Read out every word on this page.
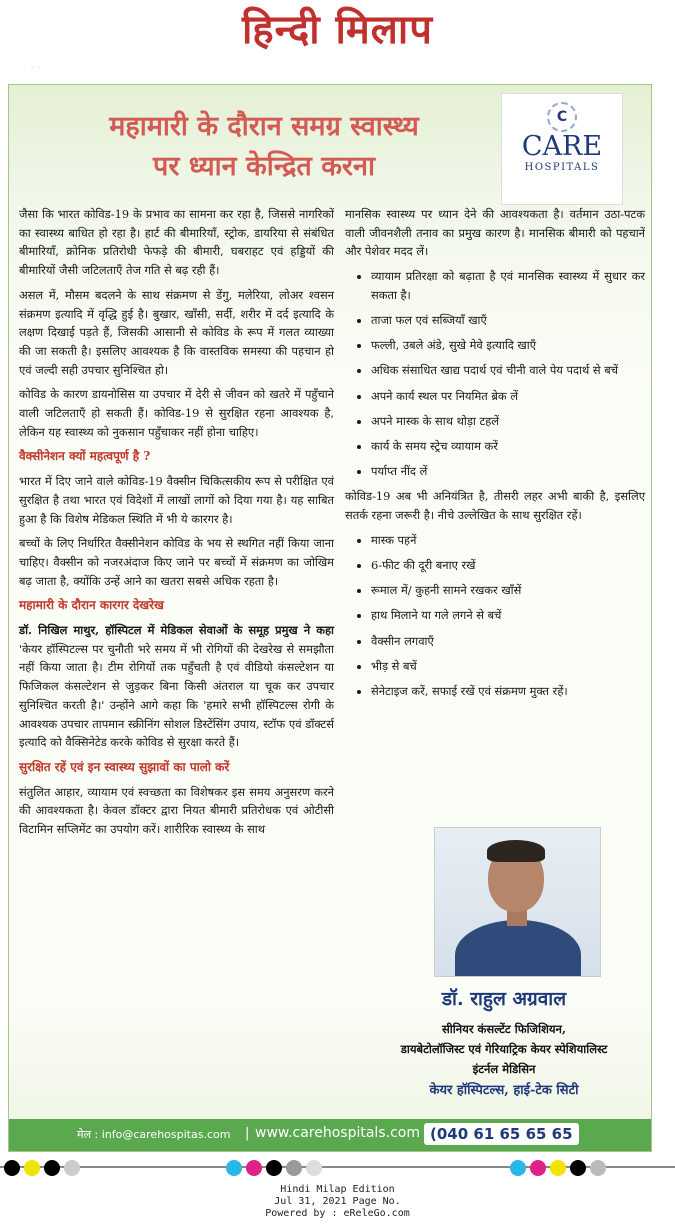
हिन्दी मिलाप
˙ ˙
महामारी के दौरान समग्र स्वास्थ्य
पर ध्यान केन्द्रित करना
C
CARE
HOSPITALS

जैसा कि भारत कोविड-19 के प्रभाव का सामना कर रहा है, जिससे नागरिकों का स्वास्थ्य बाधित हो रहा है। हार्ट की बीमारियाँ, स्ट्रोक, डायरिया से संबंधित बीमारियाँ, क्रोनिक प्रतिरोधी फेफड़े की बीमारी, घबराहट एवं हड्डियों की बीमारियों जैसी जटिलताएँ तेज गति से बढ़ रही हैं।

असल में, मौसम बदलने के साथ संक्रमण से डेंगु, मलेरिया, लोअर श्वसन संक्रमण इत्यादि में वृद्धि हुई है। बुखार, खाँसी, सर्दी, शरीर में दर्द इत्यादि के लक्षण दिखाई पड़ते हैं, जिसकी आसानी से कोविड के रूप में गलत व्याख्या की जा सकती है। इसलिए आवश्यक है कि वास्तविक समस्या की पहचान हो एवं जल्दी सही उपचार सुनिश्चित हो।

कोविड के कारण डायनोसिस या उपचार में देरी से जीवन को खतरे में पहुँचाने वाली जटिलताएँ हो सकती हैं। कोविड-19 से सुरक्षित रहना आवश्यक है, लेकिन यह स्वास्थ्य को नुकसान पहुँचाकर नहीं होना चाहिए।

वैक्सीनेशन क्यों महत्वपूर्ण है ?

भारत में दिए जाने वाले कोविड-19 वैक्सीन चिकित्सकीय रूप से परीक्षित एवं सुरक्षित है तथा भारत एवं विदेशों में लाखों लागों को दिया गया है। यह साबित हुआ है कि विशेष मेडिकल स्थिति में भी ये कारगर है।

बच्चों के लिए निर्धारित वैक्सीनेशन कोविड के भय से स्थगित नहीं किया जाना चाहिए। वैक्सीन को नजरअंदाज किए जाने पर बच्चों में संक्रमण का जोखिम बढ़ जाता है, क्योंकि उन्हें आने का खतरा सबसे अधिक रहता है।

महामारी के दौरान कारगर देखरेख

डॉ. निखिल माथुर, हॉस्पिटल में मेडिकल सेवाओं के समूह प्रमुख ने कहा 'केयर हॉस्पिटल्स पर चुनौती भरे समय में भी रोगियों की देखरेख से समझौता नहीं किया जाता है। टीम रोगियों तक पहुँचती है एवं वीडियो कंसल्टेशन या फिजिकल कंसल्टेशन से जुड़कर बिना किसी अंतराल या चूक कर उपचार सुनिश्चित करती है।' उन्होंने आगे कहा कि 'हमारे सभी हॉस्पिटल्स रोगी के आवश्यक उपचार तापमान स्क्रीनिंग सोशल डिस्टेंसिंग उपाय, स्टॉफ एवं डॉक्टर्स इत्यादि को वैक्सिनेटेड करके कोविड से सुरक्षा करते हैं।

सुरक्षित रहें एवं इन स्वास्थ्य सुझावों का पालो करें

संतुलित आहार, व्यायाम एवं स्वच्छता का विशेषकर इस समय अनुसरण करने की आवश्यकता है। केवल डॉक्टर द्वारा नियत बीमारी प्रतिरोधक एवं ओटीसी विटामिन सप्लिमेंट का उपयोग करें। शारीरिक स्वास्थ्य के साथ

मानसिक स्वास्थ्य पर ध्यान देने की आवश्यकता है। वर्तमान उठा-पटक वाली जीवनशैली तनाव का प्रमुख कारण है। मानसिक बीमारी को पहचानें और पेशेवर मदद लें।

• व्यायाम प्रतिरक्षा को बढ़ाता है एवं मानसिक स्वास्थ्य में सुधार कर सकता है।
• ताजा फल एवं सब्जियाँ खाएँ
• फल्ली, उबले अंडे, सुखे मेवे इत्यादि खाएँ
• अधिक संसाधित खाद्य पदार्थ एवं चीनी वाले पेय पदार्थ से बचें
• अपने कार्य स्थल पर नियमित ब्रेक लें
• अपने मास्क के साथ थोड़ा टहलें
• कार्य के समय स्ट्रेच व्यायाम करें
• पर्याप्त नींद लें

कोविड-19 अब भी अनियंत्रित है, तीसरी लहर अभी बाकी है, इसलिए सतर्क रहना जरूरी है। नीचे उल्लेखित के साथ सुरक्षित रहें।

• मास्क पहनें
• 6-फीट की दूरी बनाए रखें
• रूमाल में/ कुहनी सामने रखकर खाँसें
• हाथ मिलाने या गले लगने से बचें
• वैक्सीन लगवाएँ
• भीड़ से बचें
• सेनेटाइज करें, सफाई रखें एवं संक्रमण मुक्त रहें।
डॉ. राहुल अग्रवाल
सीनियर कंसल्टेंट फिजिशियन,
डायबेटोलॉजिस्ट एवं गेरियाट्रिक केयर स्पेशियालिस्ट
इंटर्नल मेडिसिन
केयर हॉस्पिटल्स, हाई-टेक सिटी
मेल : info@carehospitas.com | www.carehospitals.com (040 61 65 65 65
Hindi Milap Edition
Jul 31, 2021 Page No.
Powered by : eReleGo.com
